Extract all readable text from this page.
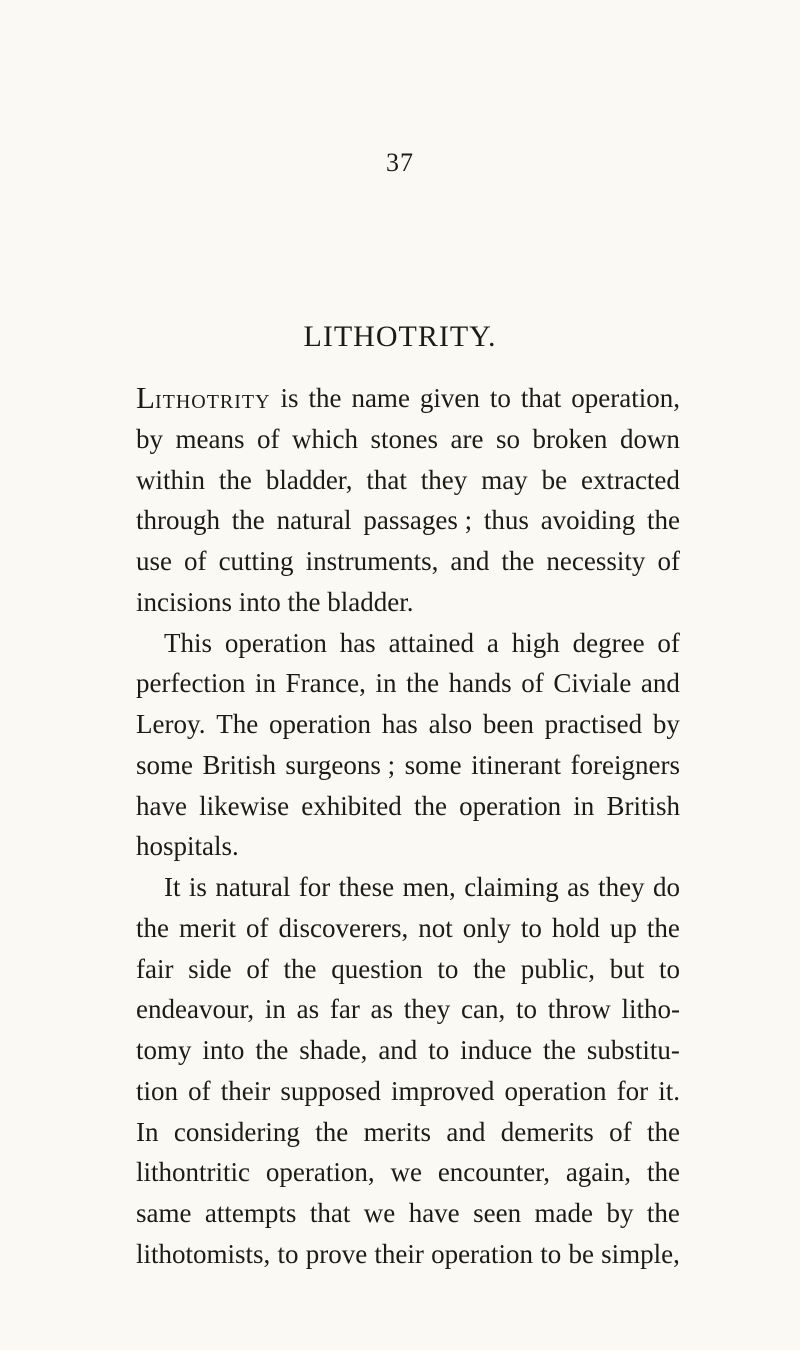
37
LITHOTRITY.
LITHOTRITY is the name given to that operation,
by means of which stones are so broken down
within the bladder, that they may be extracted
through the natural passages ; thus avoiding the
use of cutting instruments, and the necessity of
incisions
into
the
bladder.
This operation has attained a high degree of
perfection in France, in the hands of Civiale and
Leroy. The operation has also been practised by
some British surgeons ; some itinerant foreigners
have likewise exhibited the operation in British
hospitals.
It is natural for these men, claiming as they do
the merit of discoverers, not only to hold up the
fair side of the question to the public, but to
endeavour, in as far as they can, to throw litho-
tomy into the shade, and to induce the substitu-
tion of their supposed improved operation for it.
In considering the merits and demerits of the
lithontritic operation, we encounter, again, the
same attempts that we have seen made by the
lithotomists, to prove their operation to be simple,
